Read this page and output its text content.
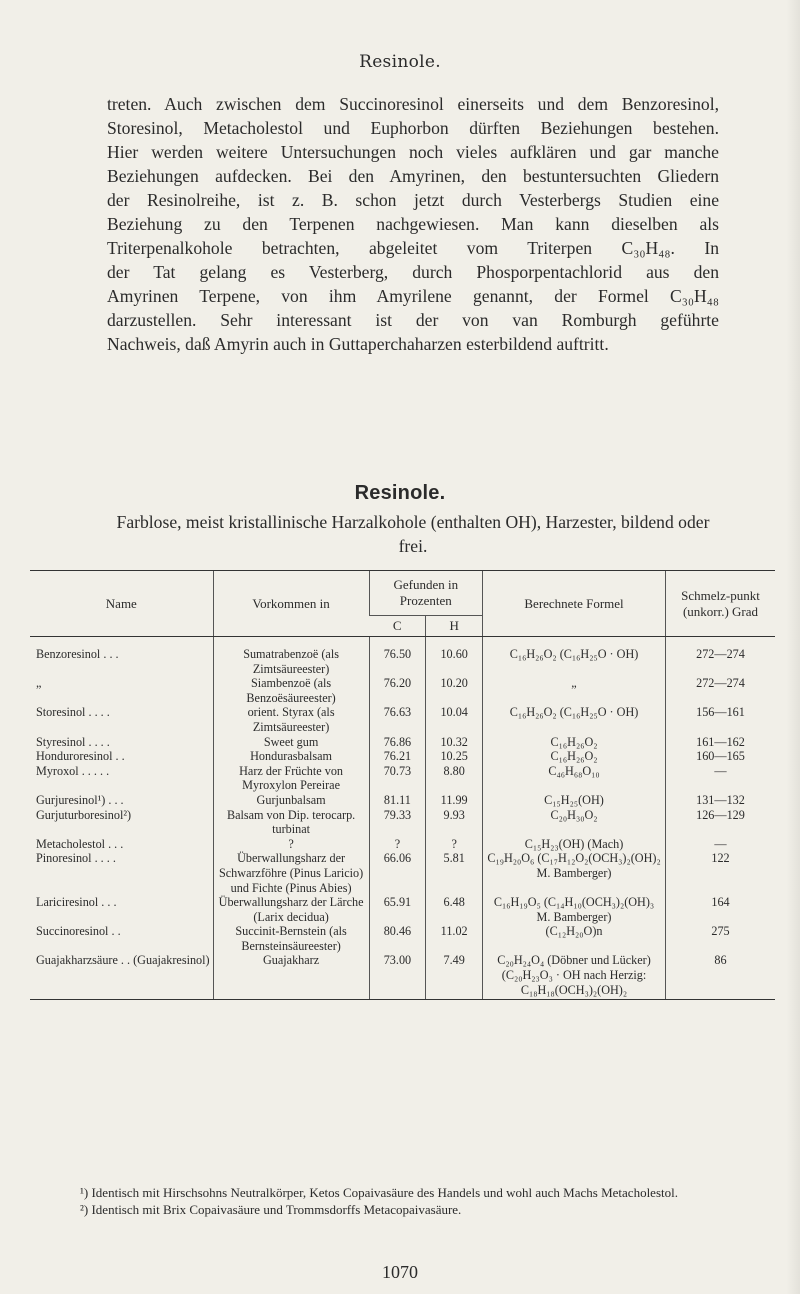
Resinole.
treten. Auch zwischen dem Succinoresinol einerseits und dem Benzoresinol,
Storesinol, Metacholestol und Euphorbon dürften Beziehungen bestehen.
Hier werden weitere Untersuchungen noch vieles aufklären und gar manche
Beziehungen aufdecken. Bei den Amyrinen, den bestuntersuchten Gliedern
der Resinolreihe, ist z. B. schon jetzt durch Vesterbergs Studien eine
Beziehung zu den Terpenen nachgewiesen. Man kann dieselben als
Triterpenalkohole betrachten, abgeleitet vom Triterpen C₃₀H₄₈. In
der Tat gelang es Vesterberg, durch Phosporpentachlorid aus den
Amyrinen Terpene, von ihm Amyrilene genannt, der Formel C₃₀H₄₈
darzustellen. Sehr interessant ist der von van Romburgh geführte
Nachweis, daß Amyrin auch in Guttaperchaharzen esterbildend auftritt.
Resinole.
Farblose, meist kristallinische Harzalkohole (enthalten OH), Harzester, bildend oder frei.
Name	Vorkommen in	Gefunden in Prozenten		Berechnete Formel	Schmelz-punkt (unkorr.) Grad
		C	H		
Benzoresinol . . .	Sumatrabenzoë (als Zimtsäureester)	76.50	10.60	C₁₆H₂₆O₂ (C₁₆H₂₅O · OH)	272—274
„	Siambenzoë (als Benzoësäureester)	76.20	10.20	„	272—274
Storesinol . . . .	orient. Styrax (als Zimtsäureester)	76.63	10.04	C₁₆H₂₆O₂ (C₁₆H₂₅O · OH)	156—161
Styresinol . . . .	Sweet gum	76.86	10.32	C₁₆H₂₆O₂	161—162
Honduroresinol . .	Hondurasbalsam	76.21	10.25	C₁₆H₂₆O₂	160—165
Myroxol . . . . .	Harz der Früchte von Myroxylon Pereirae	70.73	8.80	C₄₆H₆₈O₁₀	—
Gurjuresinol¹) . . .	Gurjunbalsam	81.11	11.99	C₁₅H₂₅(OH)	131—132
Gurjuturboresinol²)	Balsam von Dip. terocarp. turbinat	79.33	9.93	C₂₀H₃₀O₂	126—129
Metacholestol . . .	?	?	?	C₁₅H₂₃(OH) (Mach)	—
Pinoresinol . . . .	Überwallungsharz der Schwarzföhre (Pinus Laricio) und Fichte (Pinus Abies)	66.06	5.81	C₁₉H₂₀O₆ (C₁₇H₁₂O₂(OCH₃)₂(OH)₂ M. Bamberger)	122
Lariciresinol . . .	Überwallungsharz der Lärche (Larix decidua)	65.91	6.48	C₁₆H₁₉O₅ (C₁₄H₁₀(OCH₃)₂(OH)₃ M. Bamberger)	164
Succinoresinol . .	Succinit-Bernstein (als Bernsteinsäureester)	80.46	11.02	(C₁₂H₂₀O)n	275
Guajakharzsäure . . (Guajakresinol)	Guajakharz	73.00	7.49	C₂₀H₂₄O₄ (Döbner und Lücker) (C₂₀H₂₃O₃ · OH nach Herzig: C₁₈H₁₈(OCH₃)₂(OH)₂	86

¹) Identisch mit Hirschsohns Neutralkörper, Ketos Copaivasäure des Handels und wohl auch Machs Metacholestol.

²) Identisch mit Brix Copaivasäure und Trommsdorffs Metacopaivasäure.

1070
